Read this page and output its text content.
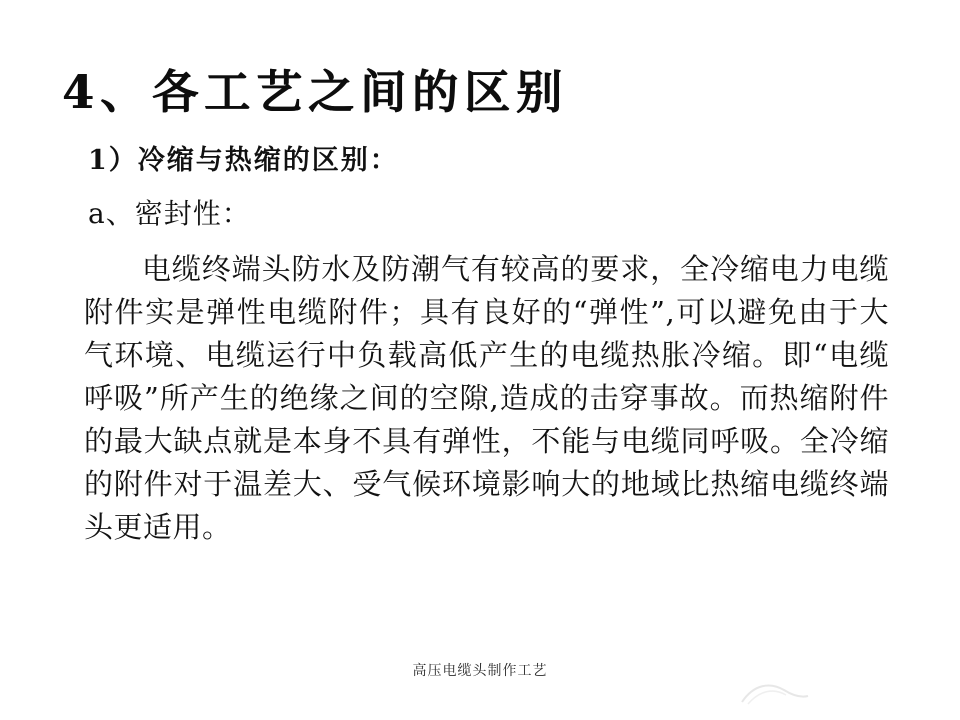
4、各工艺之间的区别
1）冷缩与热缩的区别：
a、密封性：
电缆终端头防水及防潮气有较高的要求，全冷缩电力电缆附件实是弹性电缆附件；具有良好的“弹性”,可以避免由于大气环境、电缆运行中负载高低产生的电缆热胀冷缩。即“电缆呼吸”所产生的绝缘之间的空隙,造成的击穿事故。而热缩附件的最大缺点就是本身不具有弹性，不能与电缆同呼吸。全冷缩的附件对于温差大、受气候环境影响大的地域比热缩电缆终端头更适用。
高压电缆头制作工艺
